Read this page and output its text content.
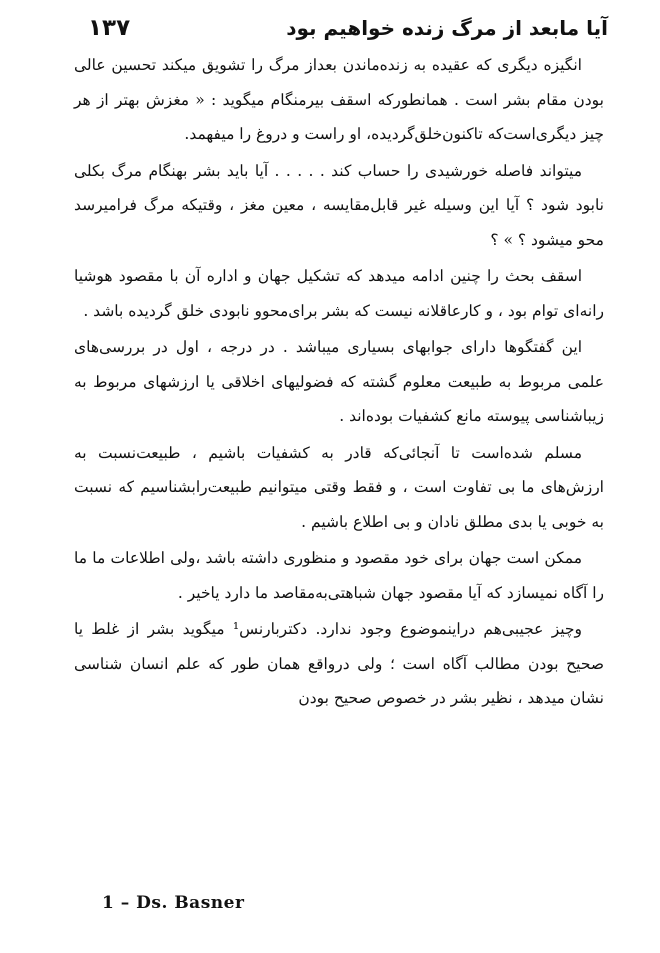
١٣٧	آیا مابعد از مرگ زنده خواهیم بود

انگیزه دیگری که عقیده به زنده‌ماندن بعداز مرگ را تشویق میکند تحسین عالی بودن مقام بشر است . همانطورکه اسقف بیرمنگام میگوید : « مغزش بهتر از هر چیز دیگری‌است‌که تاکنون‌خلق‌گردیده، او راست و دروغ را میفهمد.

میتواند فاصله خورشیدی را حساب کند . . . . . آیا باید بشر بهنگام مرگ بکلی نابود شود ؟ آیا این وسیله غیر قابل‌مقایسه ، معین مغز ، وقتیکه مرگ فرامیرسد محو میشود ؟ » ؟

اسقف بحث را چنین ادامه میدهد که تشکیل جهان و اداره آن با مقصود هوشیا رانه‌ای توام بود ، و کارعاقلانه نیست که بشر برای‌محوو نابودی خلق گردیده باشد .

این گفتگوها دارای جوابهای بسیاری میباشد . در درجه ، اول در بررسی‌های علمی مربوط به طبیعت معلوم گشته که فضولیهای اخلاقی یا ارزشهای مربوط به زیباشناسی پیوسته مانع کشفیات بوده‌اند .

مسلم شده‌است تا آنجائی‌که قادر به کشفیات باشیم ، طبیعت‌نسبت به ارزش‌های ما بی تفاوت است ، و فقط وقتی میتوانیم طبیعت‌رابشناسیم که نسبت به خوبی یا بدی مطلق نادان و بی اطلاع باشیم .

ممکن است جهان برای خود مقصود و منظوری داشته باشد ،ولی اطلاعات ما ما را آگاه نمیسازد که آیا مقصود جهان شباهتی‌به‌مقاصد ما دارد یاخیر .

وچیز عجیبی‌هم دراینموضوع وجود ندارد. دکتربارنس¹ میگوید بشر از غلط یا صحیح بودن مطالب آگاه است ؛ ولی درواقع همان طور که علم انسان شناسی نشان میدهد ، نظیر بشر در خصوص صحیح بودن

1 – Ds. Basner
